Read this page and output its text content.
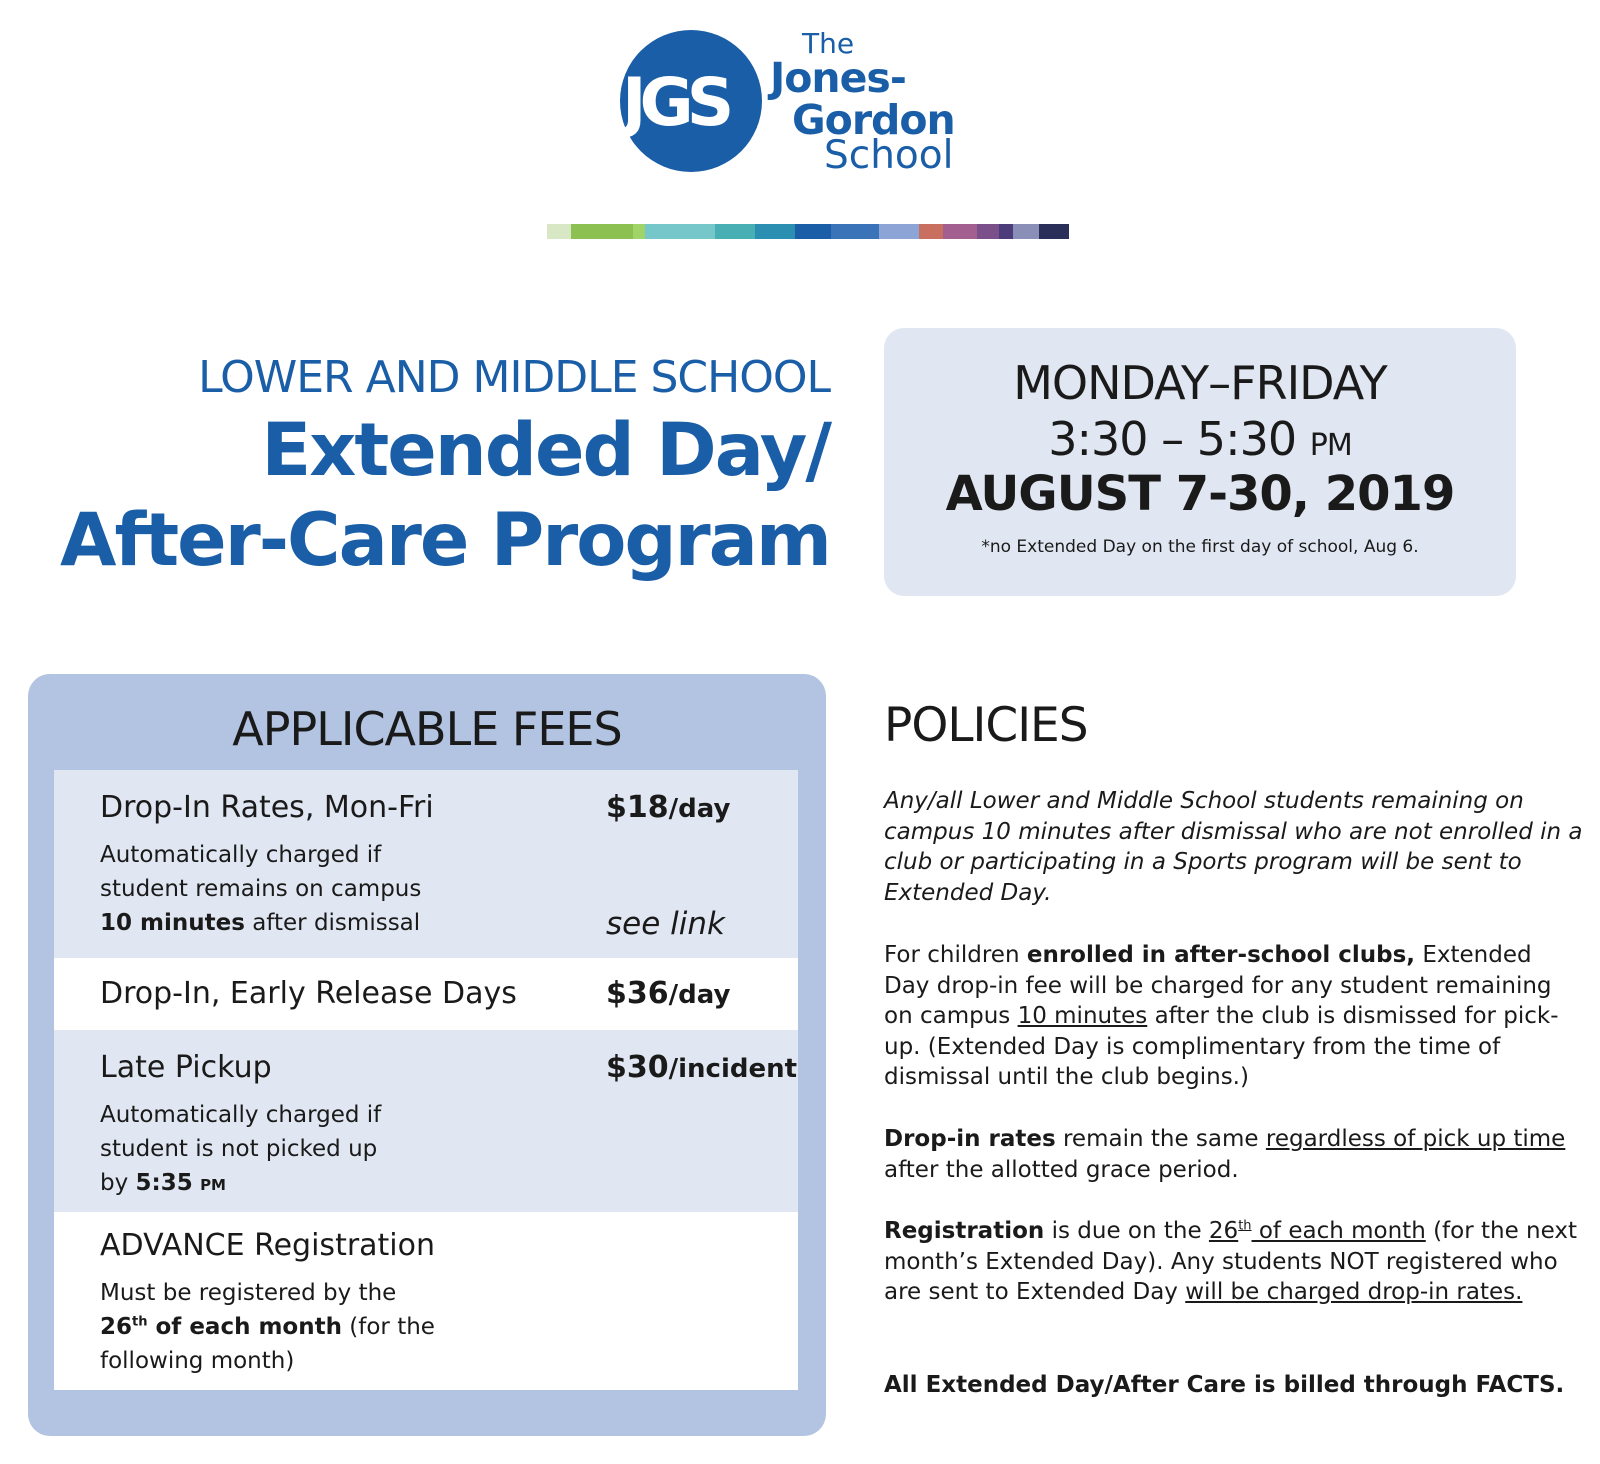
JGS
The
Jones-
Gordon
School
LOWER AND MIDDLE SCHOOL
Extended Day/
After-Care Program
MONDAY–FRIDAY
3:30 – 5:30 PM
AUGUST 7-30, 2019
*no Extended Day on the first day of school, Aug 6.
APPLICABLE FEES
Drop-In Rates, Mon-Fri	$18/day
Automatically charged if
student remains on campus
10 minutes after dismissal	see link
Drop-In, Early Release Days	$36/day
Late Pickup	$30/incident
Automatically charged if
student is not picked up
by 5:35 PM
ADVANCE Registration
Must be registered by the
26th of each month (for the
following month)
POLICIES
Any/all Lower and Middle School students remaining on campus 10 minutes after dismissal who are not enrolled in a club or participating in a Sports program will be sent to Extended Day.
For children enrolled in after-school clubs, Extended Day drop-in fee will be charged for any student remaining on campus 10 minutes after the club is dismissed for pick-up. (Extended Day is complimentary from the time of dismissal until the club begins.)
Drop-in rates remain the same regardless of pick up time after the allotted grace period.
Registration is due on the 26th of each month (for the next month’s Extended Day). Any students NOT registered who are sent to Extended Day will be charged drop-in rates.
All Extended Day/After Care is billed through FACTS.
